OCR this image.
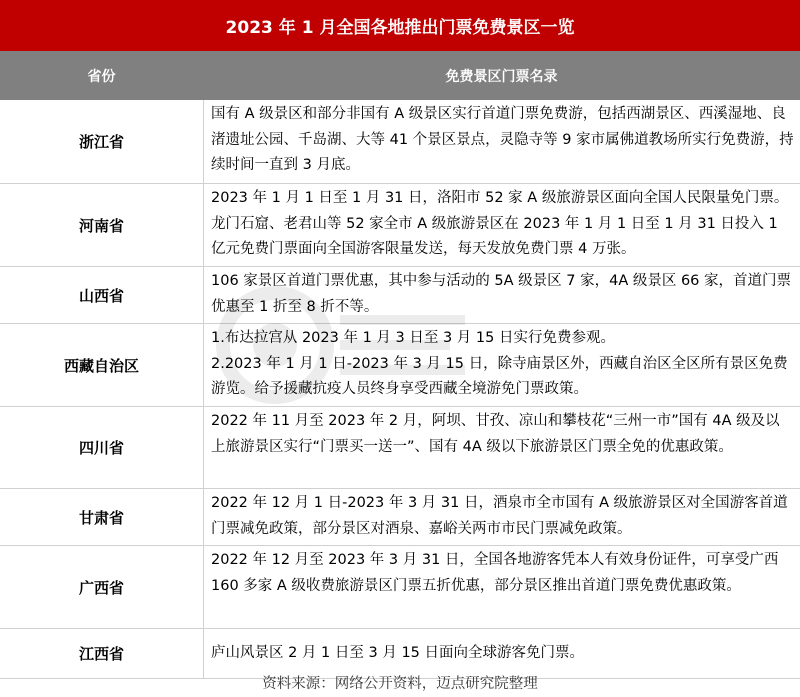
2023 年 1 月全国各地推出门票免费景区一览
省份	免费景区门票名录
浙江省

国有 A 级景区和部分非国有 A 级景区实行首道门票免费游，包括西湖景区、西溪湿地、良渚遗址公园、千岛湖、大等 41 个景区景点，灵隐寺等 9 家市属佛道教场所实行免费游，持续时间一直到 3 月底。

河南省

2023 年 1 月 1 日至 1 月 31 日，洛阳市 52 家 A 级旅游景区面向全国人民限量免门票。龙门石窟、老君山等 52 家全市 A 级旅游景区在 2023 年 1 月 1 日至 1 月 31 日投入 1 亿元免费门票面向全国游客限量发送，每天发放免费门票 4 万张。

山西省

106 家景区首道门票优惠，其中参与活动的 5A 级景区 7 家，4A 级景区 66 家，首道门票优惠至 1 折至 8 折不等。

西藏自治区

1.布达拉宫从 2023 年 1 月 3 日至 3 月 15 日实行免费参观。

2.2023 年 1 月 1 日-2023 年 3 月 15 日，除寺庙景区外，西藏自治区全区所有景区免费游览。给予援藏抗疫人员终身享受西藏全境游免门票政策。

四川省

2022 年 11 月至 2023 年 2 月，阿坝、甘孜、凉山和攀枝花“三州一市”国有 4A 级及以上旅游景区实行“门票买一送一”、国有 4A 级以下旅游景区门票全免的优惠政策。

甘肃省

2022 年 12 月 1 日-2023 年 3 月 31 日，酒泉市全市国有 A 级旅游景区对全国游客首道门票减免政策，部分景区对酒泉、嘉峪关两市市民门票减免政策。

广西省

2022 年 12 月至 2023 年 3 月 31 日，全国各地游客凭本人有效身份证件，可享受广西 160 多家 A 级收费旅游景区门票五折优惠，部分景区推出首道门票免费优惠政策。

江西省	庐山风景区 2 月 1 日至 3 月 15 日面向全球游客免门票。

资料来源：网络公开资料，迈点研究院整理
